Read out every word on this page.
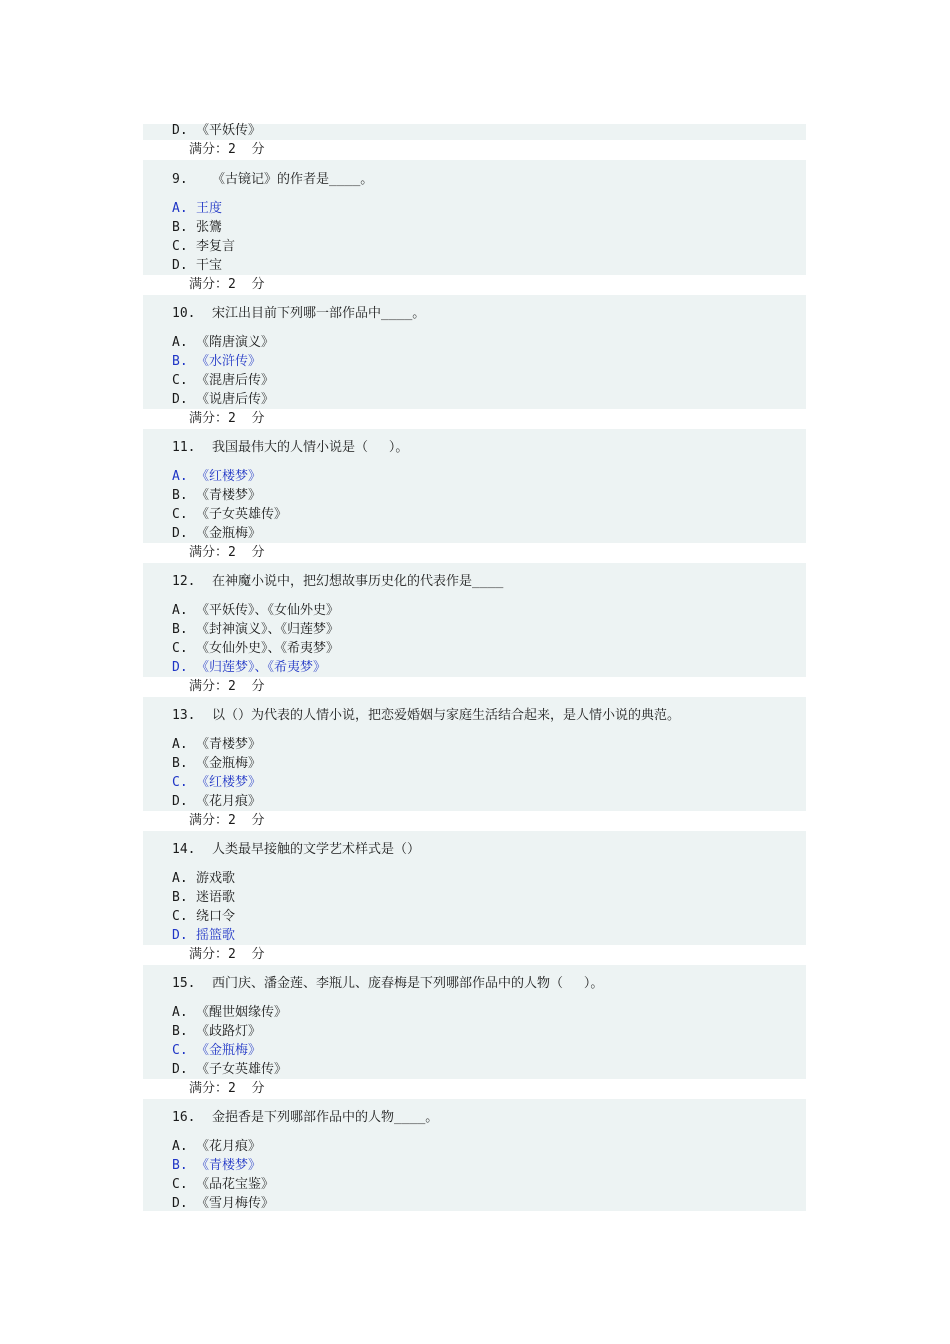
D. 《平妖传》
满分：2  分
9. 《古镜记》的作者是____。
A. 王度
B. 张鷟
C. 李复言
D. 干宝
满分：2  分
10. 宋江出目前下列哪一部作品中____。
A. 《隋唐演义》
B. 《水浒传》
C. 《混唐后传》
D. 《说唐后传》
满分：2  分
11. 我国最伟大的人情小说是（　 ）。
A. 《红楼梦》
B. 《青楼梦》
C. 《子女英雄传》
D. 《金瓶梅》
满分：2  分
12. 在神魔小说中，把幻想故事历史化的代表作是____
A. 《平妖传》、《女仙外史》
B. 《封神演义》、《归莲梦》
C. 《女仙外史》、《希夷梦》
D. 《归莲梦》、《希夷梦》
满分：2  分
13. 以（）为代表的人情小说，把恋爱婚姻与家庭生活结合起来，是人情小说的典范。
A. 《青楼梦》
B. 《金瓶梅》
C. 《红楼梦》
D. 《花月痕》
满分：2  分
14. 人类最早接触的文学艺术样式是（）
A. 游戏歌
B. 迷语歌
C. 绕口令
D. 摇篮歌
满分：2  分
15. 西门庆、潘金莲、李瓶儿、庞春梅是下列哪部作品中的人物（　 ）。
A. 《醒世姻缘传》
B. 《歧路灯》
C. 《金瓶梅》
D. 《子女英雄传》
满分：2  分
16. 金挹香是下列哪部作品中的人物____。
A. 《花月痕》
B. 《青楼梦》
C. 《品花宝鉴》
D. 《雪月梅传》
